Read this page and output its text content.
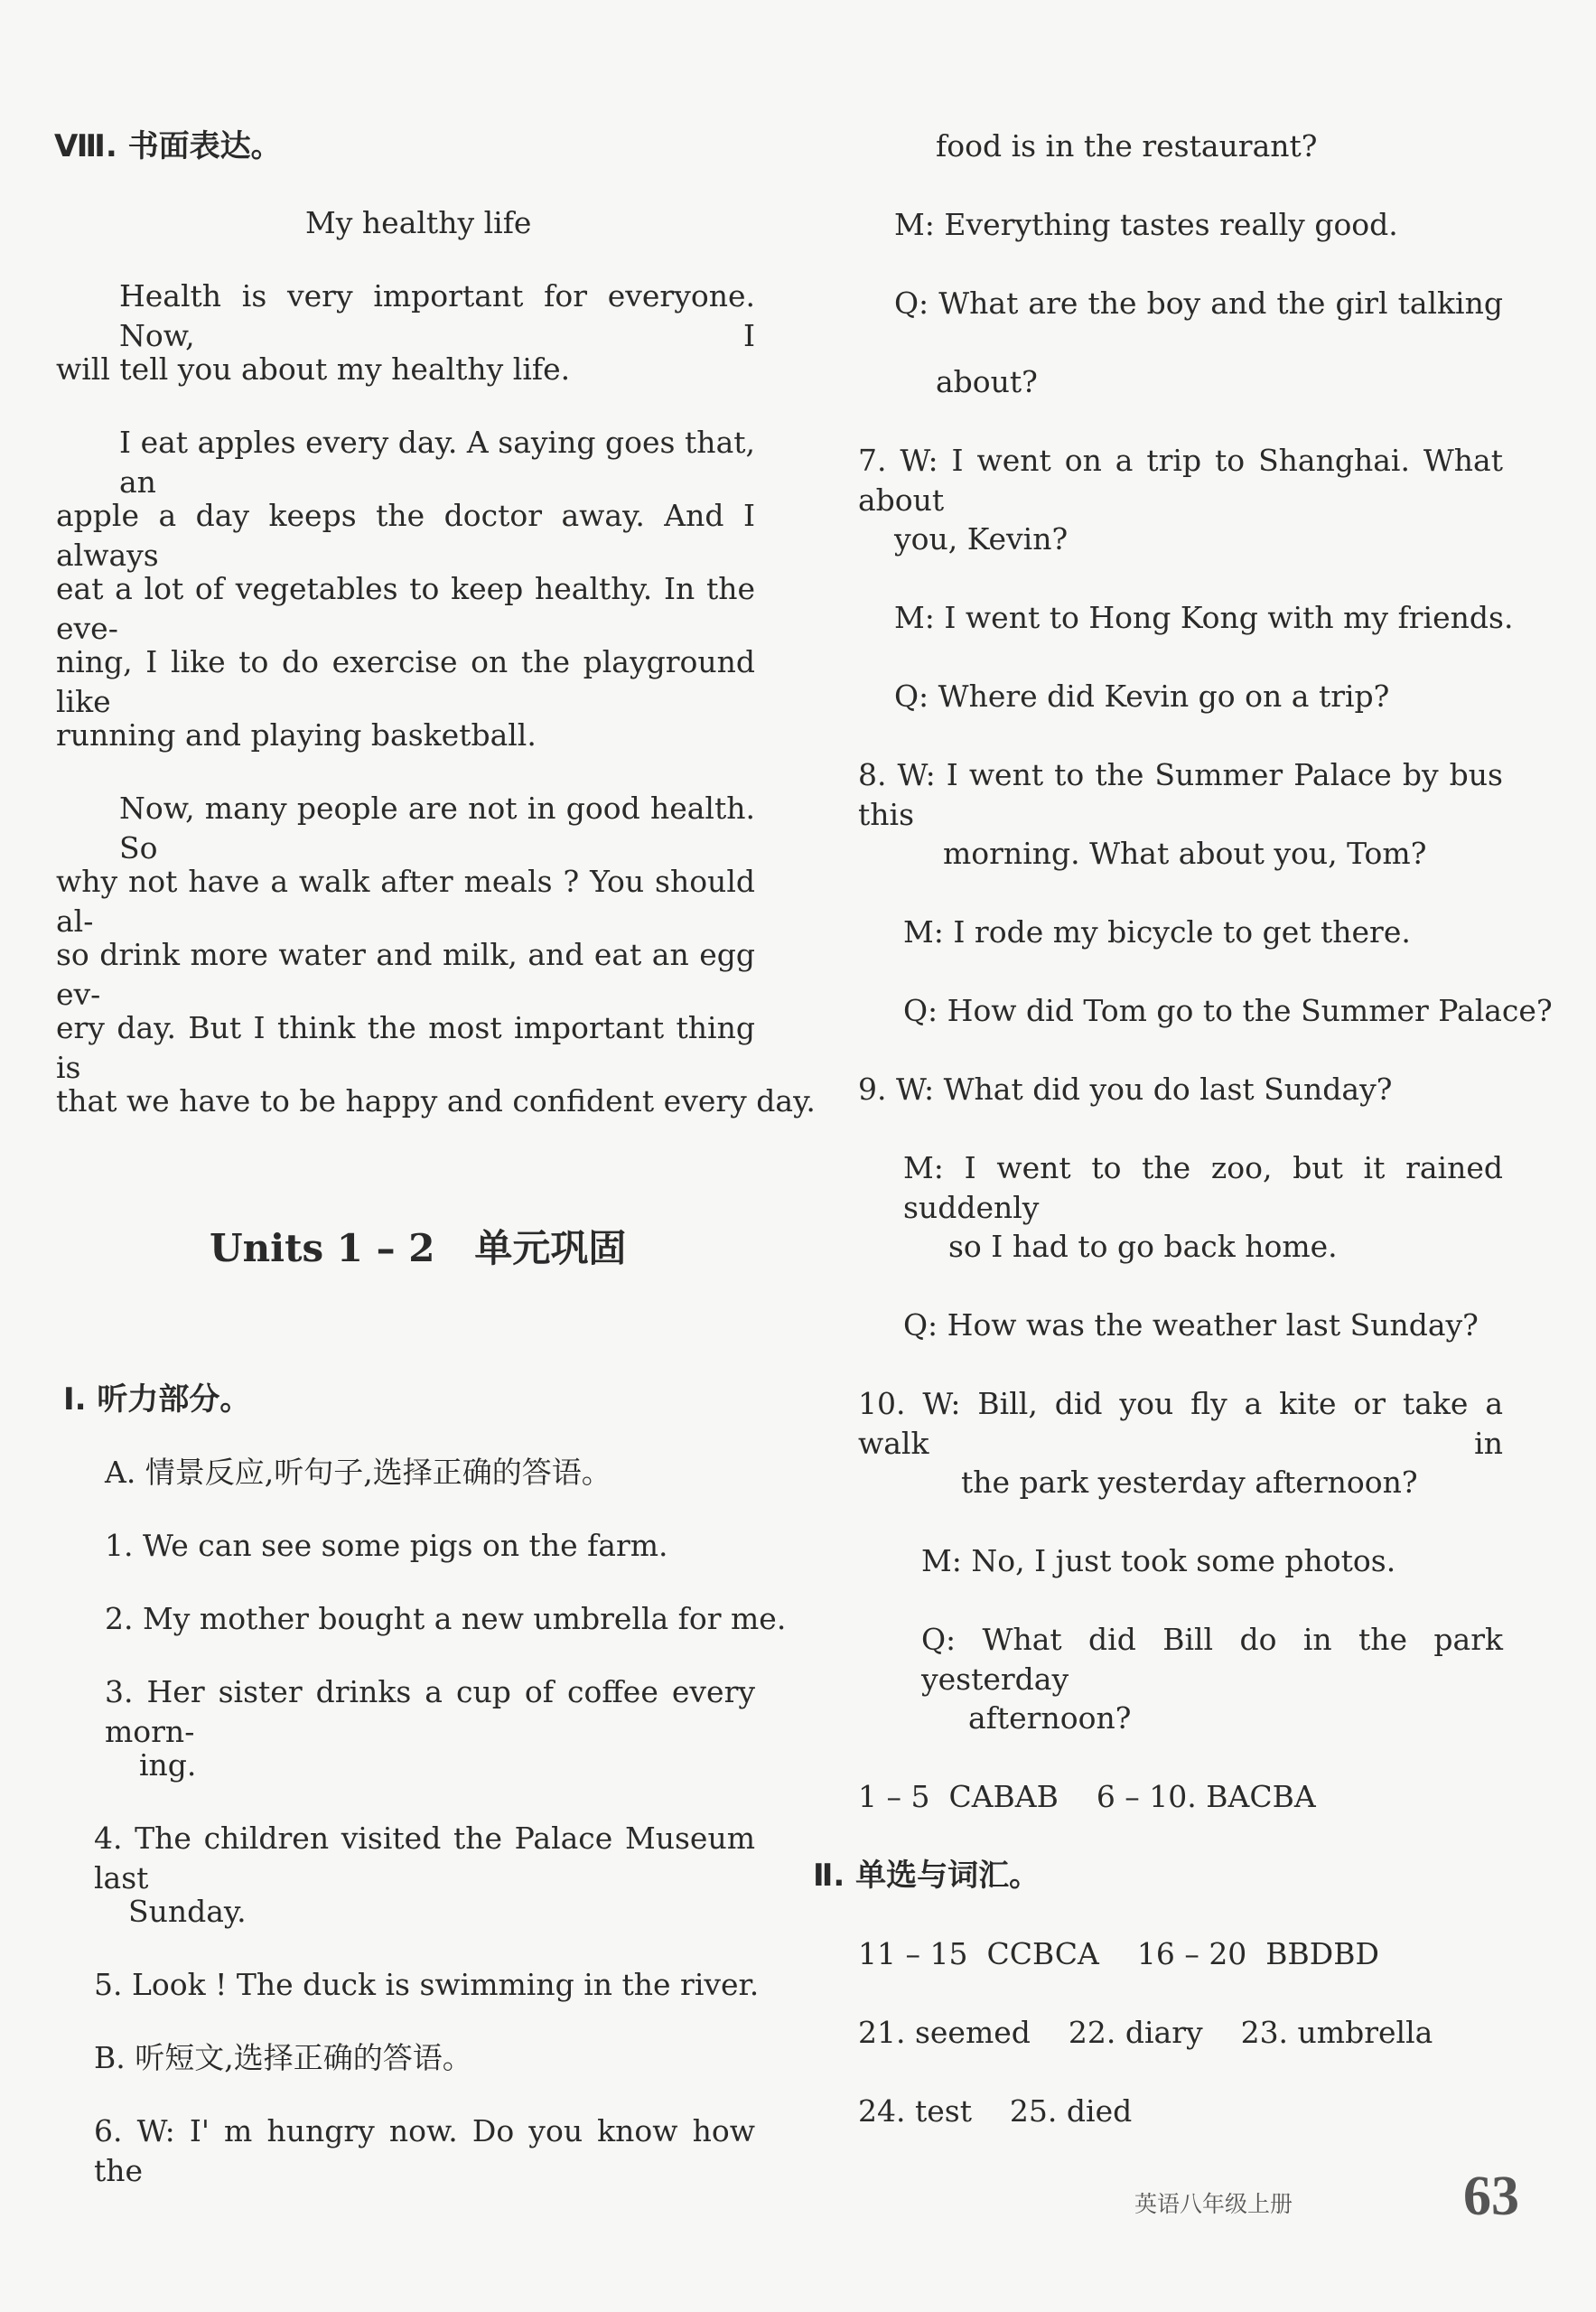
Ⅷ. 书面表达。
My healthy life
Health is very important for everyone. Now, I
will tell you about my healthy life.
I eat apples every day. A saying goes that, an
apple a day keeps the doctor away. And I always
eat a lot of vegetables to keep healthy. In the eve-
ning, I like to do exercise on the playground like
running and playing basketball.
Now, many people are not in good health. So
why not have a walk after meals ? You should al-
so drink more water and milk, and eat an egg ev-
ery day. But I think the most important thing is
that we have to be happy and confident every day.
Units 1 – 2   单元巩固
Ⅰ. 听力部分。
A. 情景反应,听句子,选择正确的答语。
1. We can see some pigs on the farm.
2. My mother bought a new umbrella for me.
3. Her sister drinks a cup of coffee every morn-
ing.
4. The children visited the Palace Museum last
Sunday.
5. Look ! The duck is swimming in the river.
B. 听短文,选择正确的答语。
6. W: I' m hungry now. Do you know how the
food is in the restaurant?
M: Everything tastes really good.
Q: What are the boy and the girl talking
about?
7. W: I went on a trip to Shanghai. What about
you, Kevin?
M: I went to Hong Kong with my friends.
Q: Where did Kevin go on a trip?
8. W: I went to the Summer Palace by bus this
morning. What about you, Tom?
M: I rode my bicycle to get there.
Q: How did Tom go to the Summer Palace?
9. W: What did you do last Sunday?
M: I went to the zoo, but it rained suddenly
so I had to go back home.
Q: How was the weather last Sunday?
10. W: Bill, did you fly a kite or take a walk in
the park yesterday afternoon?
M: No, I just took some photos.
Q: What did Bill do in the park yesterday
afternoon?
1 – 5  CABAB    6 – 10. BACBA
Ⅱ. 单选与词汇。
11 – 15  CCBCA    16 – 20  BBDBD
21. seemed    22. diary    23. umbrella
24. test    25. died
英语八年级上册	63
